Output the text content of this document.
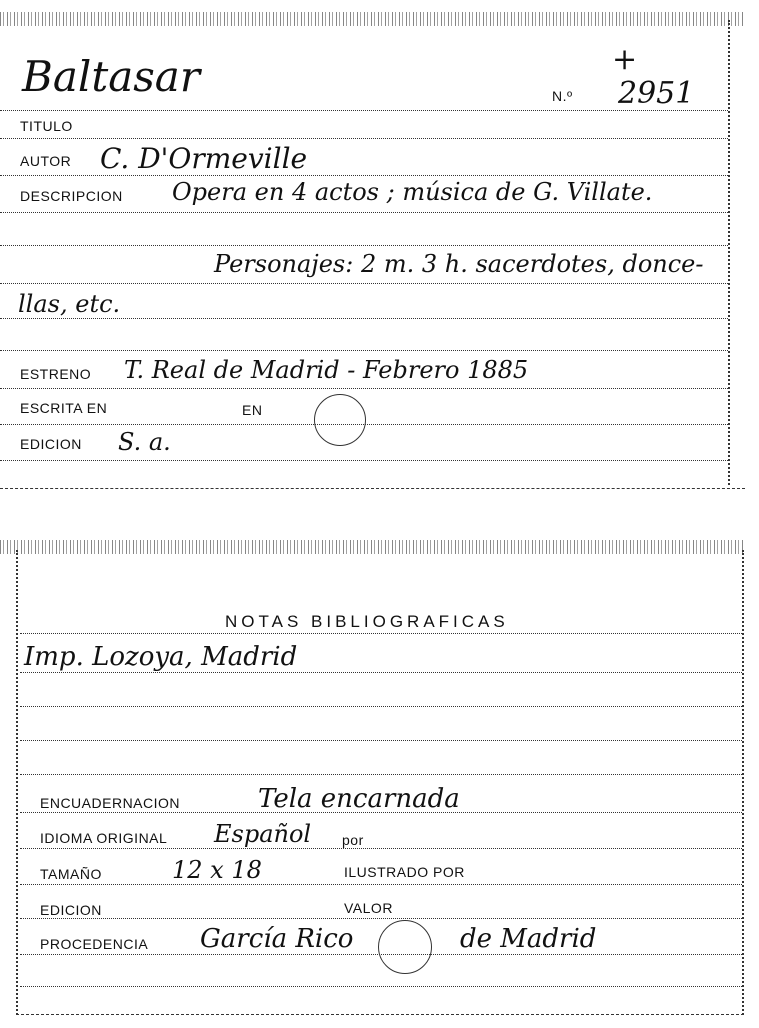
+
Baltasar	N.º 2951
TITULO
AUTOR C. D'Ormeville
DESCRIPCION Opera en 4 actos ; música de G. Villate.
Personajes: 2 m. 3 h. sacerdotes, donce-
llas, etc.
ESTRENO T. Real de Madrid - Febrero 1885
ESCRITA EN	EN
EDICION S. a.
NOTAS BIBLIOGRAFICAS
Imp. Lozoya, Madrid
ENCUADERNACION	Tela encarnada
IDIOMA ORIGINAL Español por
TAMAÑO	12 x 18	ILUSTRADO POR
EDICION	VALOR
PROCEDENCIA García Rico	de Madrid
